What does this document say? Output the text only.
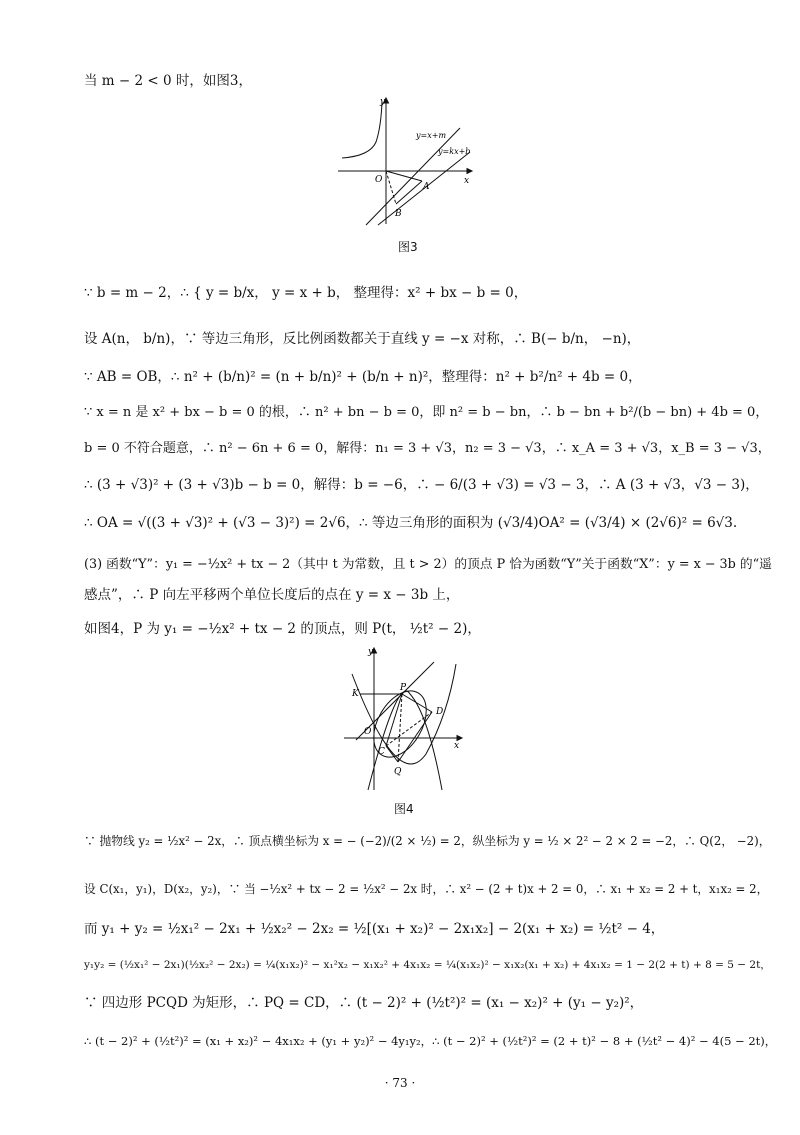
当 m − 2 < 0 时，如图3，
y
x
O
A
B
y=x+m
y=kx+b
图3
∵ b = m − 2，∴ { y = b/x， y = x + b， 整理得：x² + bx − b = 0，
设 A(n， b/n)，∵ 等边三角形，反比例函数都关于直线 y = −x 对称，∴ B(− b/n， −n)，
∵ AB = OB，∴ n² + (b/n)² = (n + b/n)² + (b/n + n)²，整理得：n² + b²/n² + 4b = 0，
∵ x = n 是 x² + bx − b = 0 的根，∴ n² + bn − b = 0，即 n² = b − bn，∴ b − bn + b²/(b − bn) + 4b = 0，
b = 0 不符合题意，∴ n² − 6n + 6 = 0，解得：n₁ = 3 + √3，n₂ = 3 − √3，∴ x_A = 3 + √3，x_B = 3 − √3，
∴ (3 + √3)² + (3 + √3)b − b = 0，解得：b = −6，∴ − 6/(3 + √3) = √3 − 3，∴ A (3 + √3，√3 − 3)，
∴ OA = √((3 + √3)² + (√3 − 3)²) = 2√6，∴ 等边三角形的面积为 (√3/4)OA² = (√3/4) × (2√6)² = 6√3.
(3) 函数“Y”：y₁ = −½x² + tx − 2（其中 t 为常数，且 t > 2）的顶点 P 恰为函数“Y”关于函数“X”：y = x − 3b 的“遥
感点”，∴ P 向左平移两个单位长度后的点在 y = x − 3b 上，
如图4，P 为 y₁ = −½x² + tx − 2 的顶点，则 P(t， ½t² − 2)，
y
x
O
K
P
D
C
Q
图4
∵ 抛物线 y₂ = ½x² − 2x，∴ 顶点横坐标为 x = − (−2)/(2 × ½) = 2，纵坐标为 y = ½ × 2² − 2 × 2 = −2，∴ Q(2， −2)，
设 C(x₁，y₁)，D(x₂，y₂)，∵ 当 −½x² + tx − 2 = ½x² − 2x 时，∴ x² − (2 + t)x + 2 = 0，∴ x₁ + x₂ = 2 + t，x₁x₂ = 2，
而 y₁ + y₂ = ½x₁² − 2x₁ + ½x₂² − 2x₂ = ½[(x₁ + x₂)² − 2x₁x₂] − 2(x₁ + x₂) = ½t² − 4，
y₁y₂ = (½x₁² − 2x₁)(½x₂² − 2x₂) = ¼(x₁x₂)² − x₁²x₂ − x₁x₂² + 4x₁x₂ = ¼(x₁x₂)² − x₁x₂(x₁ + x₂) + 4x₁x₂ = 1 − 2(2 + t) + 8 = 5 − 2t，
∵ 四边形 PCQD 为矩形，∴ PQ = CD，∴ (t − 2)² + (½t²)² = (x₁ − x₂)² + (y₁ − y₂)²，
∴ (t − 2)² + (½t²)² = (x₁ + x₂)² − 4x₁x₂ + (y₁ + y₂)² − 4y₁y₂，∴ (t − 2)² + (½t²)² = (2 + t)² − 8 + (½t² − 4)² − 4(5 − 2t)，
· 73 ·
